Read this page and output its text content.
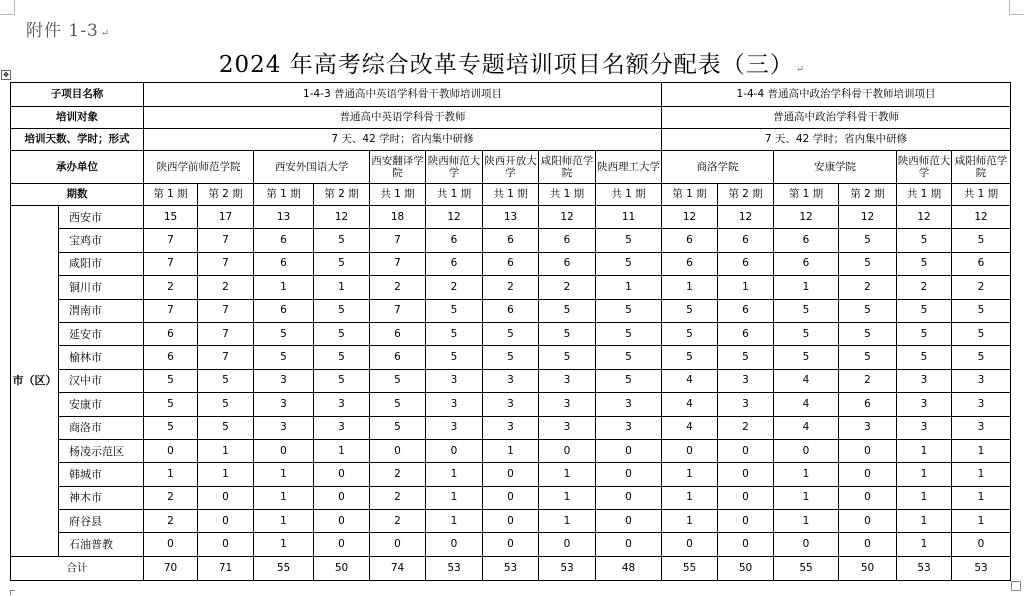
附件 1-3 ↵
2024 年高考综合改革专题培训项目名额分配表（三） ↵
✥
子项目名称		1-4-3 普通高中英语学科骨干教师培训项目									1-4-4 普通高中政治学科骨干教师培训项目					
培训对象		普通高中英语学科骨干教师									普通高中政治学科骨干教师					
培训天数、学时；形式		7 天、42 学时；省内集中研修									7 天、42 学时；省内集中研修					
承办单位		陕西学前师范学院		西安外国语大学		西安翻译学院	陕西师范大学	陕西开放大学	咸阳师范学院	陕西理工大学	商洛学院		安康学院		陕西师范大学	咸阳师范学院
期数		第 1 期	第 2 期	第 1 期	第 2 期	共 1 期	共 1 期	共 1 期	共 1 期	共 1 期	第 1 期	第 2 期	第 1 期	第 2 期	共 1 期	共 1 期
市（区）	西安市	15	17	13	12	18	12	13	12	11	12	12	12	12	12	12
	宝鸡市	7	7	6	5	7	6	6	6	5	6	6	6	5	5	5
	咸阳市	7	7	6	5	7	6	6	6	5	6	6	6	5	5	6
	铜川市	2	2	1	1	2	2	2	2	1	1	1	1	2	2	2
	渭南市	7	7	6	5	7	5	6	5	5	5	6	5	5	5	5
	延安市	6	7	5	5	6	5	5	5	5	5	6	5	5	5	5
	榆林市	6	7	5	5	6	5	5	5	5	5	5	5	5	5	5
	汉中市	5	5	3	5	5	3	3	3	5	4	3	4	2	3	3
	安康市	5	5	3	3	5	3	3	3	3	4	3	4	6	3	3
	商洛市	5	5	3	3	5	3	3	3	3	4	2	4	3	3	3
	杨凌示范区	0	1	0	1	0	0	1	0	0	0	0	0	0	1	1
	韩城市	1	1	1	0	2	1	0	1	0	1	0	1	0	1	1
	神木市	2	0	1	0	2	1	0	1	0	1	0	1	0	1	1
	府谷县	2	0	1	0	2	1	0	1	0	1	0	1	0	1	1
	石油普教	0	0	1	0	0	0	0	0	0	0	0	0	0	1	0
合计		70	71	55	50	74	53	53	53	48	55	50	55	50	53	53
